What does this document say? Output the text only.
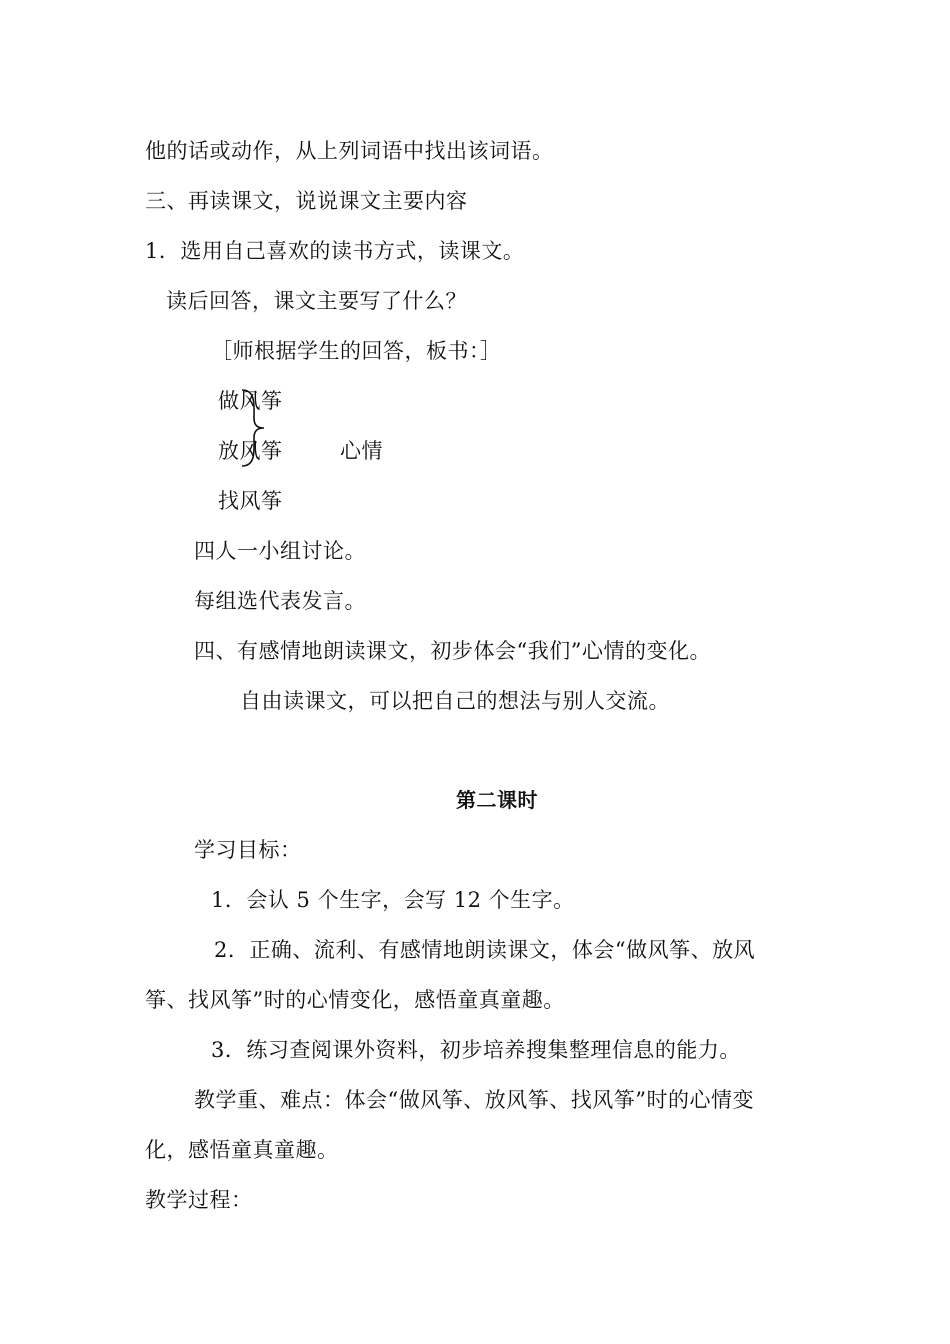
他的话或动作，从上列词语中找出该词语。
三、再读课文，说说课文主要内容
1．选用自己喜欢的读书方式，读课文。
读后回答，课文主要写了什么？
［师根据学生的回答，板书：］
做风筝
放风筝	心情
找风筝
四人一小组讨论。
每组选代表发言。
四、有感情地朗读课文，初步体会“我们”心情的变化。
自由读课文，可以把自己的想法与别人交流。
第二课时
学习目标：
1．会认 5 个生字，会写 12 个生字。
2．正确、流利、有感情地朗读课文，体会“做风筝、放风
筝、找风筝”时的心情变化，感悟童真童趣。
3．练习查阅课外资料，初步培养搜集整理信息的能力。
教学重、难点：体会“做风筝、放风筝、找风筝”时的心情变
化，感悟童真童趣。
教学过程：
